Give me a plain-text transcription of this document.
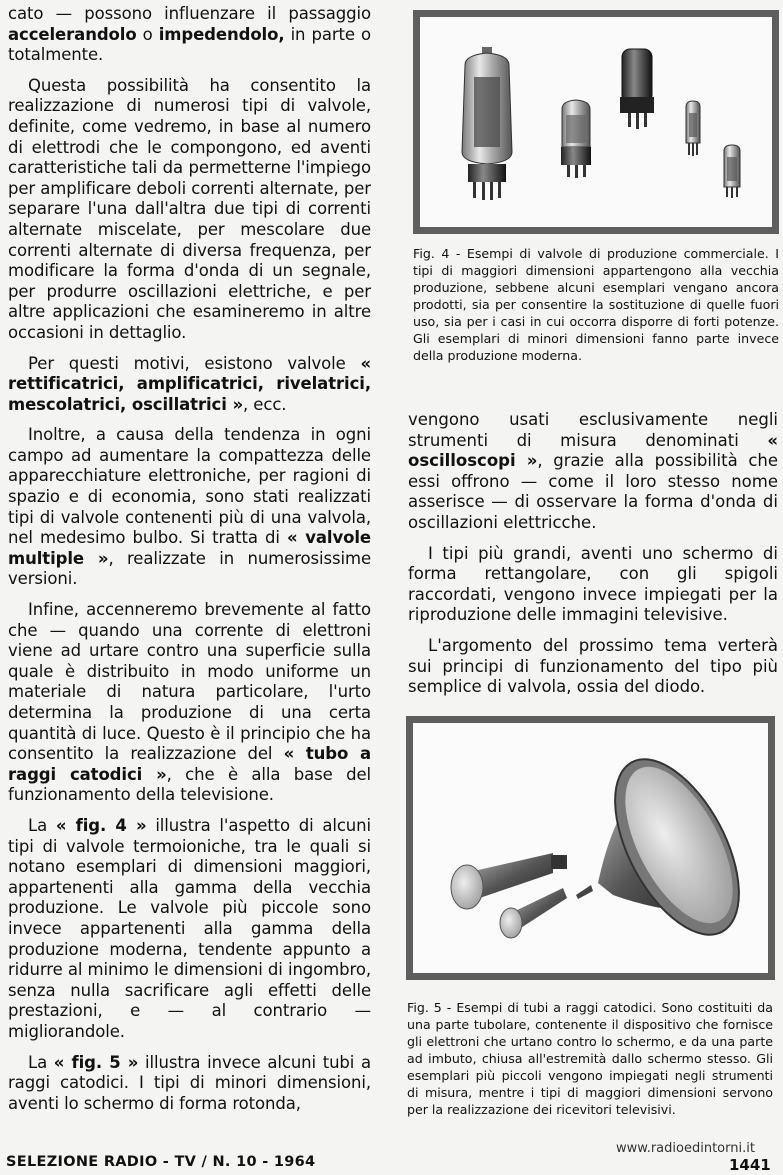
cato — possono influenzare il passaggio accelerandolo o impedendolo, in parte o totalmente.

Questa possibilità ha consentito la realizzazione di numerosi tipi di valvole, definite, come vedremo, in base al numero di elettrodi che le compongono, ed aventi caratteristiche tali da permetterne l'impiego per amplificare deboli correnti alternate, per separare l'una dall'altra due tipi di correnti alternate miscelate, per mescolare due correnti alternate di diversa frequenza, per modificare la forma d'onda di un segnale, per produrre oscillazioni elettriche, e per altre applicazioni che esamineremo in altre occasioni in dettaglio.

Per questi motivi, esistono valvole « rettificatrici, amplificatrici, rivelatrici, mescolatrici, oscillatrici », ecc.

Inoltre, a causa della tendenza in ogni campo ad aumentare la compattezza delle apparecchiature elettroniche, per ragioni di spazio e di economia, sono stati realizzati tipi di valvole contenenti più di una valvola, nel medesimo bulbo. Si tratta di « valvole multiple », realizzate in numerosissime versioni.

Infine, accenneremo brevemente al fatto che — quando una corrente di elettroni viene ad urtare contro una superficie sulla quale è distribuito in modo uniforme un materiale di natura particolare, l'urto determina la produzione di una certa quantità di luce. Questo è il principio che ha consentito la realizzazione del « tubo a raggi catodici », che è alla base del funzionamento della televisione.

La « fig. 4 » illustra l'aspetto di alcuni tipi di valvole termoioniche, tra le quali si notano esemplari di dimensioni maggiori, appartenenti alla gamma della vecchia produzione. Le valvole più piccole sono invece appartenenti alla gamma della produzione moderna, tendente appunto a ridurre al minimo le dimensioni di ingombro, senza nulla sacrificare agli effetti delle prestazioni, e — al contrario — migliorandole.

La « fig. 5 » illustra invece alcuni tubi a raggi catodici. I tipi di minori dimensioni, aventi lo schermo di forma rotonda,

Fig. 4 - Esempi di valvole di produzione commerciale. I tipi di maggiori dimensioni appartengono alla vecchia produzione, sebbene alcuni esemplari vengano ancora prodotti, sia per consentire la sostituzione di quelle fuori uso, sia per i casi in cui occorra disporre di forti potenze. Gli esemplari di minori dimensioni fanno parte invece della produzione moderna.

vengono usati esclusivamente negli strumenti di misura denominati « oscilloscopi », grazie alla possibilità che essi offrono — come il loro stesso nome asserisce — di osservare la forma d'onda di oscillazioni elettricche.

I tipi più grandi, aventi uno schermo di forma rettangolare, con gli spigoli raccordati, vengono invece impiegati per la riproduzione delle immagini televisive.

L'argomento del prossimo tema verterà sui principi di funzionamento del tipo più semplice di valvola, ossia del diodo.

Fig. 5 - Esempi di tubi a raggi catodici. Sono costituiti da una parte tubolare, contenente il dispositivo che fornisce gli elettroni che urtano contro lo schermo, e da una parte ad imbuto, chiusa all'estremità dallo schermo stesso. Gli esemplari più piccoli vengono impiegati negli strumenti di misura, mentre i tipi di maggiori dimensioni servono per la realizzazione dei ricevitori televisivi.
SELEZIONE RADIO - TV / N. 10 - 1964
www.radioedintorni.it
1441
